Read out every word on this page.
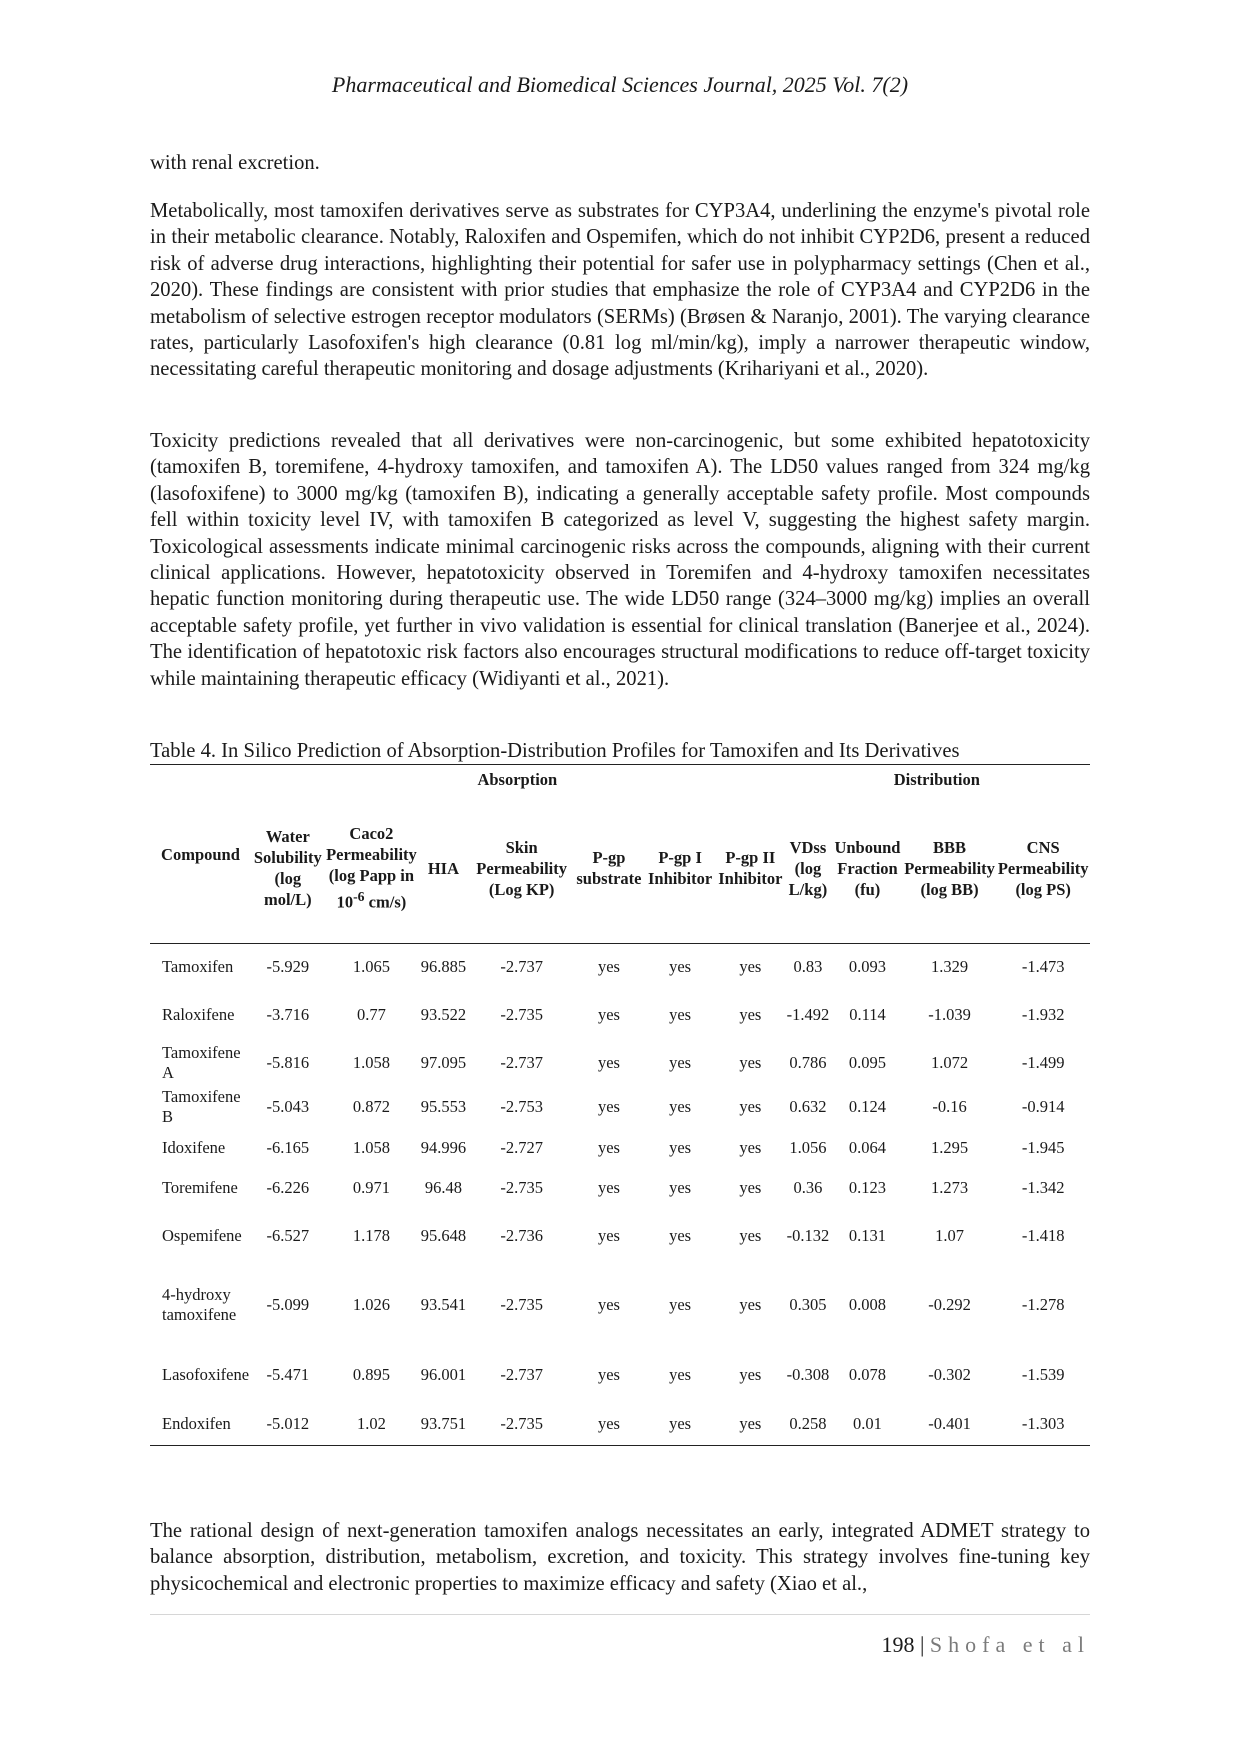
Pharmaceutical and Biomedical Sciences Journal, 2025 Vol. 7(2)

with renal excretion.

Metabolically, most tamoxifen derivatives serve as substrates for CYP3A4, underlining the enzyme's pivotal role in their metabolic clearance. Notably, Raloxifen and Ospemifen, which do not inhibit CYP2D6, present a reduced risk of adverse drug interactions, highlighting their potential for safer use in polypharmacy settings (Chen et al., 2020). These findings are consistent with prior studies that emphasize the role of CYP3A4 and CYP2D6 in the metabolism of selective estrogen receptor modulators (SERMs) (Brøsen & Naranjo, 2001). The varying clearance rates, particularly Lasofoxifen's high clearance (0.81 log ml/min/kg), imply a narrower therapeutic window, necessitating careful therapeutic monitoring and dosage adjustments (Krihariyani et al., 2020).

Toxicity predictions revealed that all derivatives were non-carcinogenic, but some exhibited hepatotoxicity (tamoxifen B, toremifene, 4-hydroxy tamoxifen, and tamoxifen A). The LD50 values ranged from 324 mg/kg (lasofoxifene) to 3000 mg/kg (tamoxifen B), indicating a generally acceptable safety profile. Most compounds fell within toxicity level IV, with tamoxifen B categorized as level V, suggesting the highest safety margin. Toxicological assessments indicate minimal carcinogenic risks across the compounds, aligning with their current clinical applications. However, hepatotoxicity observed in Toremifen and 4-hydroxy tamoxifen necessitates hepatic function monitoring during therapeutic use. The wide LD50 range (324–3000 mg/kg) implies an overall acceptable safety profile, yet further in vivo validation is essential for clinical translation (Banerjee et al., 2024). The identification of hepatotoxic risk factors also encourages structural modifications to reduce off-target toxicity while maintaining therapeutic efficacy (Widiyanti et al., 2021).

Table 4. In Silico Prediction of Absorption-Distribution Profiles for Tamoxifen and Its Derivatives
Compound	Absorption							Distribution			
	Water Solubility (log mol/L)	Caco2 Permeability (log Papp in $10^{-6}$ cm/s)	HIA	Skin Permeability (Log KP)	P-gp substrate	P-gp I Inhibitor	P-gp II Inhibitor	VDss (log L/kg)	Unbound Fraction (fu)	BBB Permeability (log BB)	CNS Permeability (log PS)
Tamoxifen	-5.929	1.065	96.885	-2.737	yes	yes	yes	0.83	0.093	1.329	-1.473
Raloxifene	-3.716	0.77	93.522	-2.735	yes	yes	yes	-1.492	0.114	-1.039	-1.932
Tamoxifene A	-5.816	1.058	97.095	-2.737	yes	yes	yes	0.786	0.095	1.072	-1.499
Tamoxifene B	-5.043	0.872	95.553	-2.753	yes	yes	yes	0.632	0.124	-0.16	-0.914
Idoxifene	-6.165	1.058	94.996	-2.727	yes	yes	yes	1.056	0.064	1.295	-1.945
Toremifene	-6.226	0.971	96.48	-2.735	yes	yes	yes	0.36	0.123	1.273	-1.342
Ospemifene	-6.527	1.178	95.648	-2.736	yes	yes	yes	-0.132	0.131	1.07	-1.418
4-hydroxy tamoxifene	-5.099	1.026	93.541	-2.735	yes	yes	yes	0.305	0.008	-0.292	-1.278
Lasofoxifene	-5.471	0.895	96.001	-2.737	yes	yes	yes	-0.308	0.078	-0.302	-1.539
Endoxifen	-5.012	1.02	93.751	-2.735	yes	yes	yes	0.258	0.01	-0.401	-1.303

The rational design of next-generation tamoxifen analogs necessitates an early, integrated ADMET strategy to balance absorption, distribution, metabolism, excretion, and toxicity. This strategy involves fine-tuning key physicochemical and electronic properties to maximize efficacy and safety (Xiao et al.,

198 | Shofa et al
